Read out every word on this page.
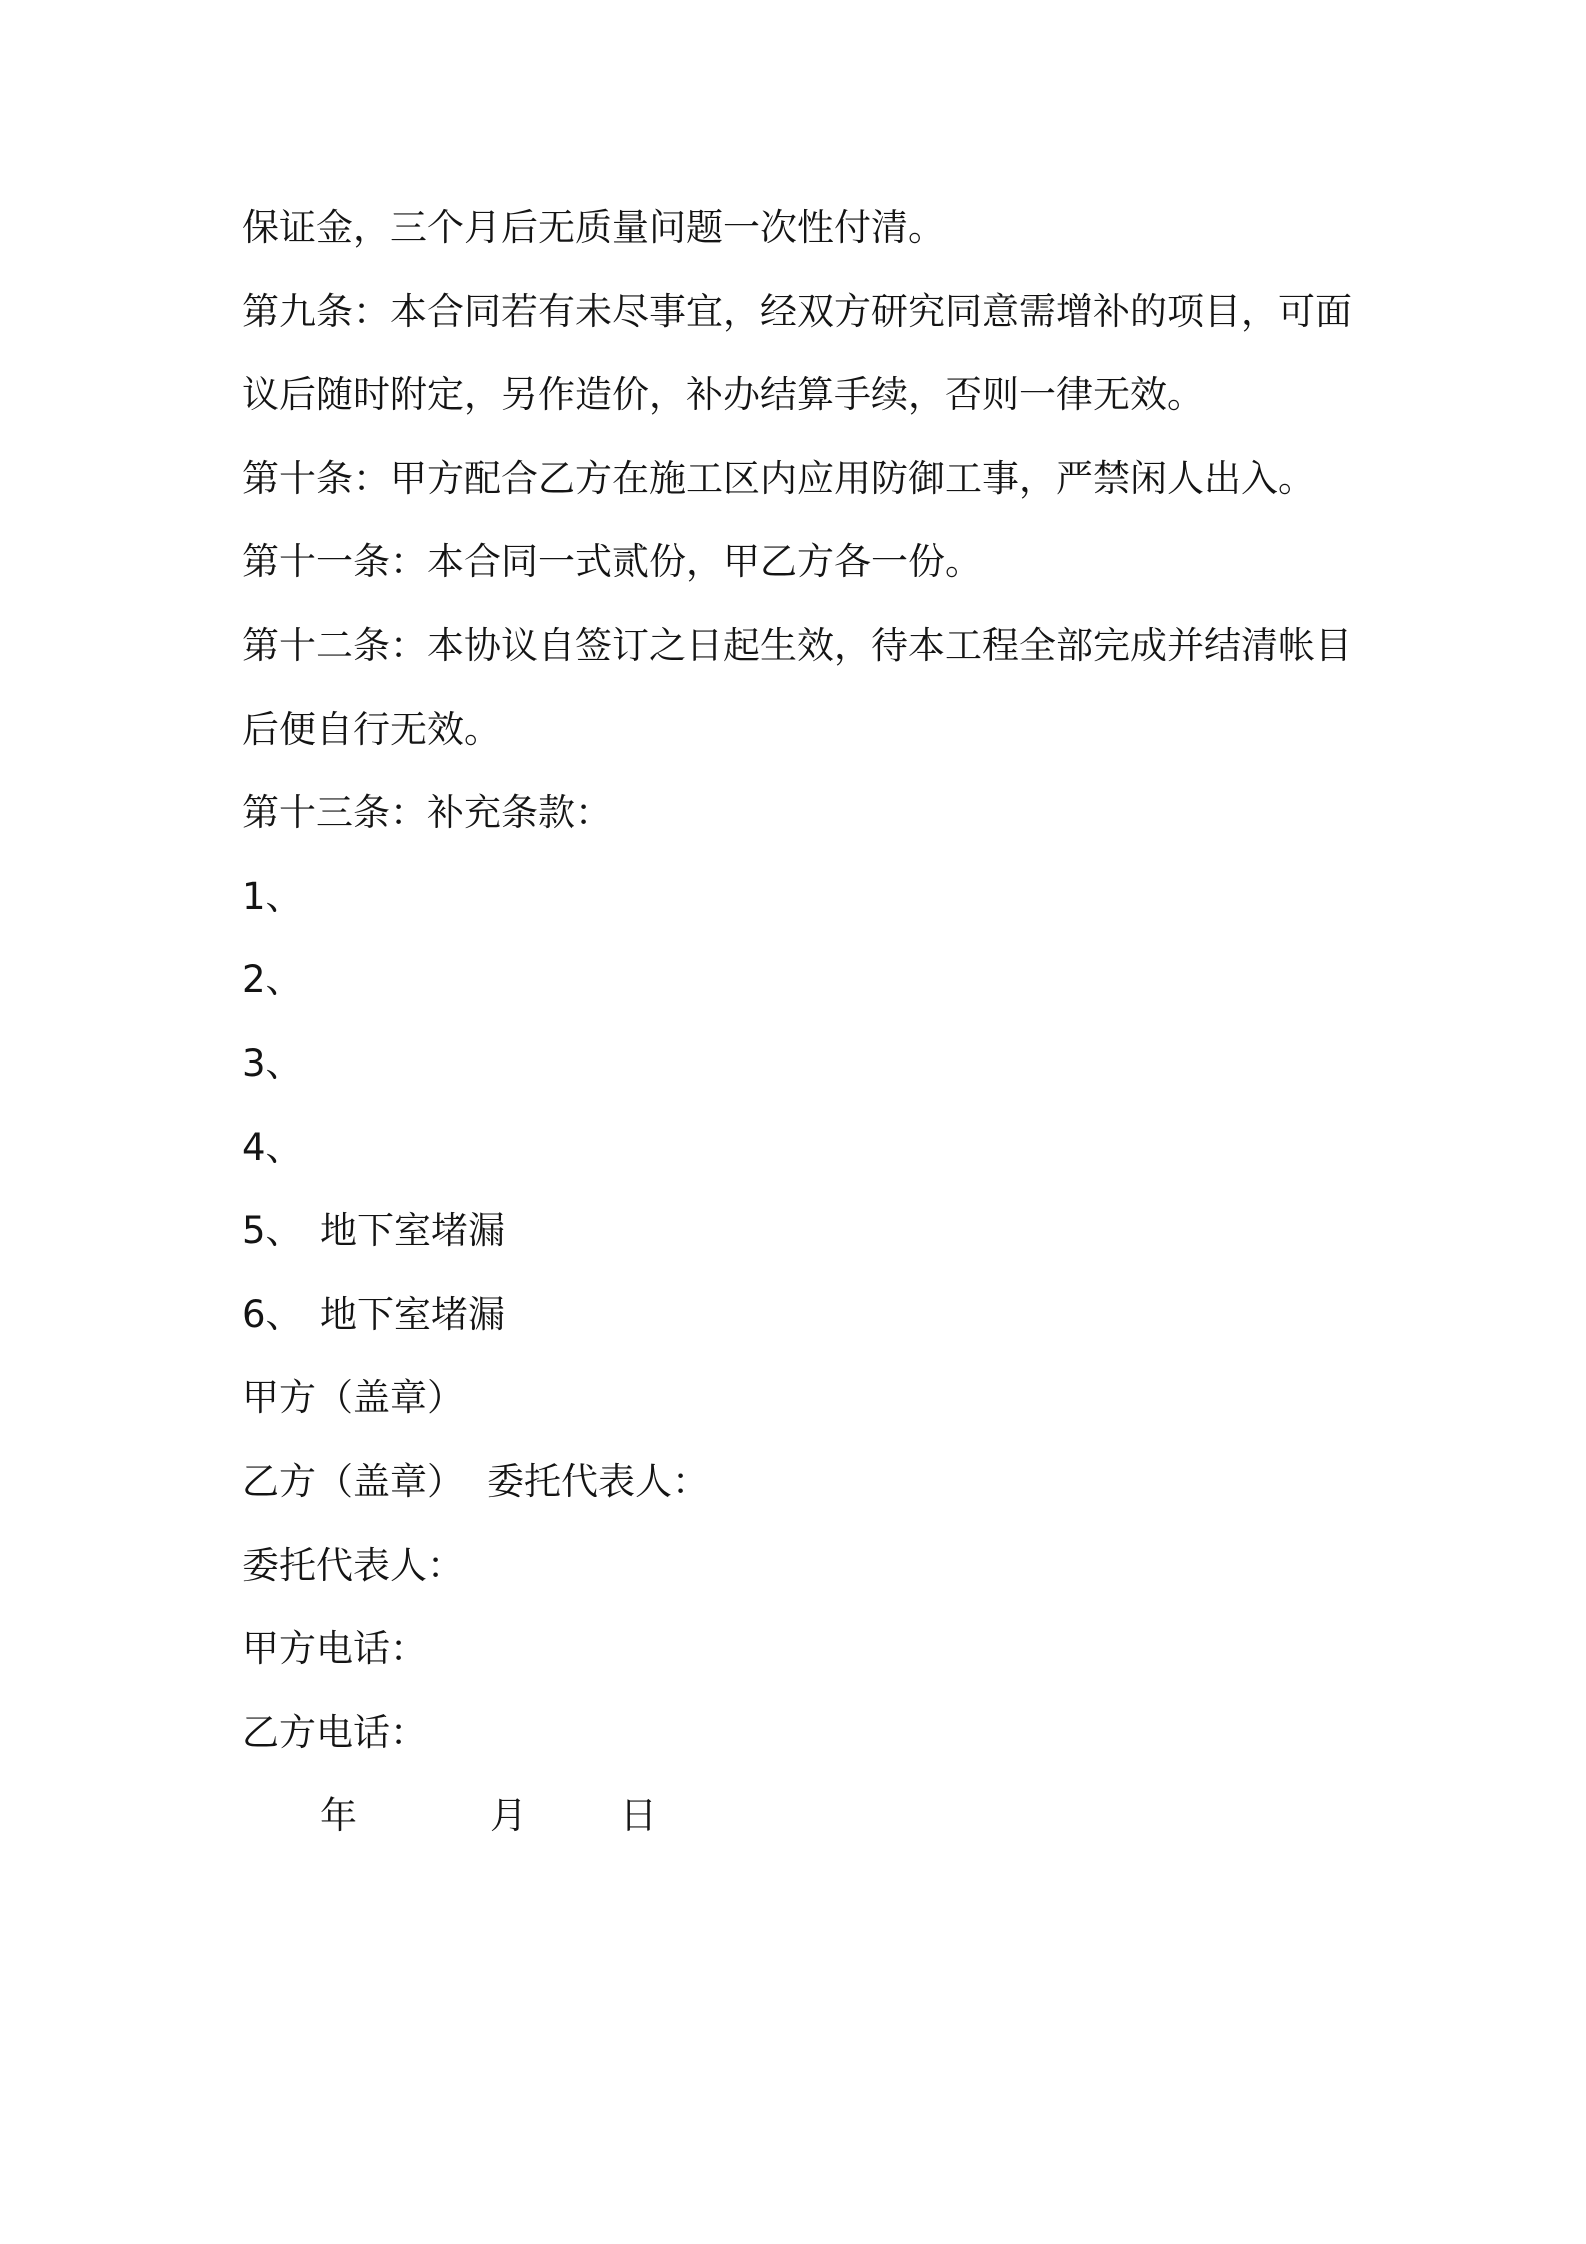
保证金，三个月后无质量问题一次性付清。
第九条：本合同若有未尽事宜，经双方研究同意需增补的项目，可面
议后随时附定，另作造价，补办结算手续，否则一律无效。
第十条：甲方配合乙方在施工区内应用防御工事，严禁闲人出入。
第十一条：本合同一式贰份，甲乙方各一份。
第十二条：本协议自签订之日起生效，待本工程全部完成并结清帐目
后便自行无效。
第十三条：补充条款：
1、
2、
3、
4、
5、 地下室堵漏
6、 地下室堵漏
甲方（盖章）
乙方（盖章） 委托代表人：
委托代表人：
甲方电话：
乙方电话：
年	月	日
